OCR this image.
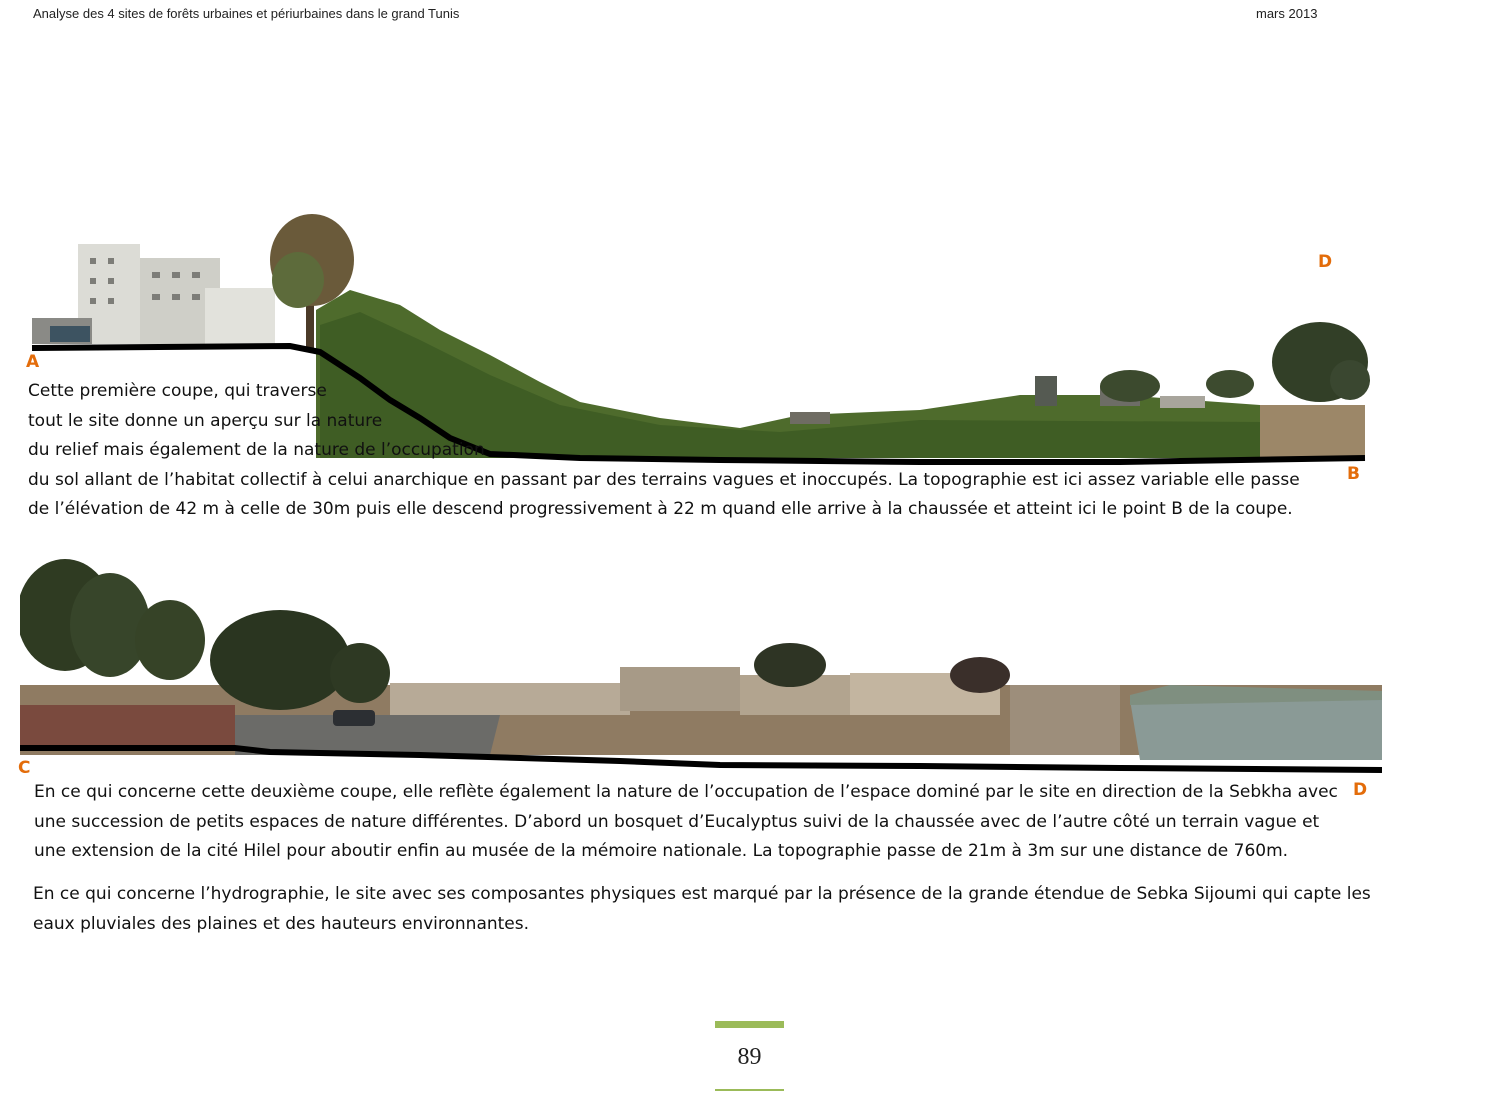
Analyse des 4 sites de forêts urbaines et périurbaines dans le grand Tunis	mars 2013
D
A
B

Cette première coupe, qui traverse

tout le site donne un aperçu sur la nature

du relief mais également de la nature de l’occupation

du sol allant de l’habitat collectif à celui anarchique en passant par des terrains vagues et inoccupés. La topographie est ici assez variable elle passe

de l’élévation de 42 m à celle de 30m puis elle descend progressivement à 22 m quand elle arrive à la chaussée et atteint ici le point B de la coupe.

C
D

En ce qui concerne cette deuxième coupe, elle reflète également la nature de l’occupation de l’espace dominé par le site en direction de la Sebkha avec

une succession de petits espaces de nature différentes. D’abord un bosquet d’Eucalyptus suivi de la chaussée avec de l’autre côté un terrain vague et

une extension de la cité Hilel pour aboutir enfin au musée de la mémoire nationale. La topographie passe de 21m à 3m sur une distance de 760m.

En ce qui concerne l’hydrographie, le site avec ses composantes physiques est marqué par la présence de la grande étendue de Sebka Sijoumi qui capte les

eaux pluviales des plaines et des hauteurs environnantes.

89
